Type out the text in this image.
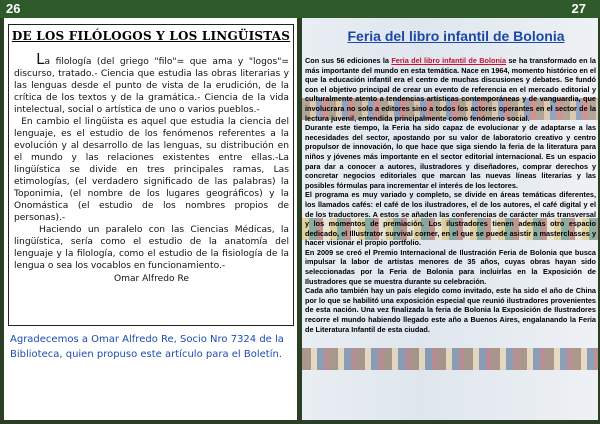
26	27
DE LOS FILÓLOGOS Y LOS LINGÜISTAS

La filología (del griego "filo"= que ama y "logos"= discurso, tratado.- Ciencia que estudia las obras literarias y las lenguas desde el punto de vista de la erudición, de la crítica de los textos y de la gramática.- Ciencia de la vida intelectual, social o artística de uno o varios pueblos.-

En cambio el lingüista es aquel que estudia la ciencia del lenguaje, es el estudio de los fenómenos referentes a la evolución y al desarrollo de las lenguas, su distribución en el mundo y las relaciones existentes entre ellas.-La lingüística se divide en tres principales ramas, Las etimologías, (el verdadero significado de las palabras) la Toponimia, (el nombre de los lugares geográficos) y la Onomástica (el estudio de los nombres propios de personas).-

Haciendo un paralelo con las Ciencias Médicas, la lingüística, sería como el estudio de la anatomía del lenguaje y la filología, como el estudio de la fisiología de la lengua o sea los vocablos en funcionamiento.-

Omar Alfredo Re

Agradecemos a Omar Alfredo Re, Socio Nro 7324 de la Biblioteca, quien propuso este artículo para el Boletín.
Feria del libro infantil de Bolonia

Con sus 56 ediciones la Feria del libro infantil de Bolonia se ha transformado en la más importante del mundo en esta temática. Nace en 1964, momento histórico en el que la educación infantil era el centro de muchas discusiones y debates. Se fundó con el objetivo principal de crear un evento de referencia en el mercado editorial y culturalmente atento a tendencias artísticas contemporáneas y de vanguardia, que involucrara no solo a editores sino a todos los actores operantes en el sector de la lectura juvenil, entendida principalmente como fenómeno social.

Durante este tiempo, la Feria ha sido capaz de evolucionar y de adaptarse a las necesidades del sector, apostando por su valor de laboratorio creativo y centro propulsor de innovación, lo que hace que siga siendo la feria de la literatura para niños y jóvenes más importante en el sector editorial internacional. Es un espacio para dar a conocer a autores, ilustradores y diseñadores, comprar derechos y concretar negocios editoriales que marcan las nuevas líneas literarias y las posibles fórmulas para incrementar el interés de los lectores.

El programa es muy variado y completo, se divide en áreas temáticas diferentes, los llamados cafés: el café de los ilustradores, el de los autores, el café digital y el de los traductores. A estos se añaden las conferencias de carácter más transversal y los momentos de premiación. Los ilustradores tienen además otro espacio dedicado, el Illustrator survival corner, en el que se puede asistir a masterclasses y hacer visionar el propio portfolio.

En 2009 se creó el Premio Internacional de Ilustración Feria de Bolonia que busca impulsar la labor de artistas menores de 35 años, cuyas obras hayan sido seleccionadas por la Feria de Bolonia para incluirlas en la Exposición de Ilustradores que se muestra durante su celebración.

Cada año también hay un país elegido como invitado, este ha sido el año de China por lo que se habilitó una exposición especial que reunió ilustradores provenientes de esta nación. Una vez finalizada la feria de Bolonia la Exposición de Ilustradores recorre el mundo habiendo llegado este año a Buenos Aires, engalanando la Feria de Literatura Infantil de esta ciudad.
